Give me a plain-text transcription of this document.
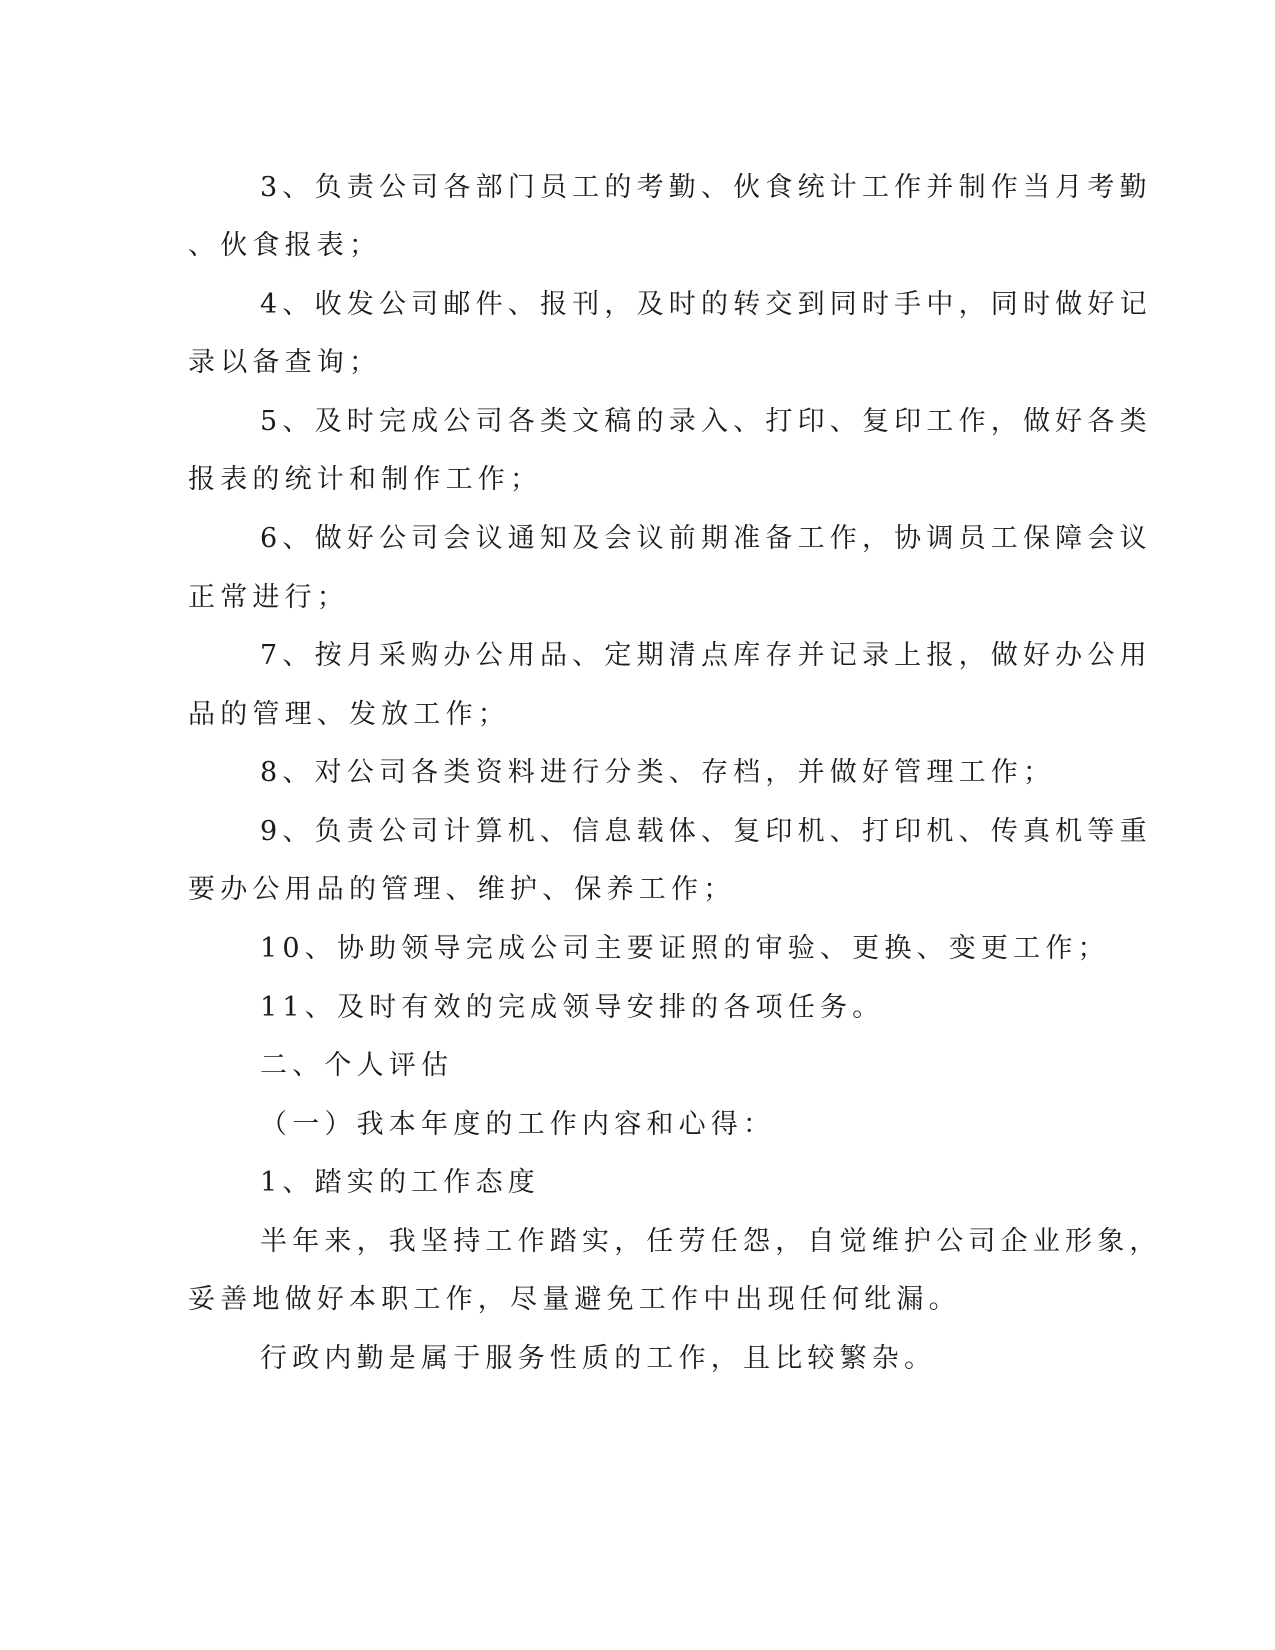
3、负责公司各部门员工的考勤、伙食统计工作并制作当月考勤
、伙食报表；
4、收发公司邮件、报刊，及时的转交到同时手中，同时做好记
录以备查询；
5、及时完成公司各类文稿的录入、打印、复印工作，做好各类
报表的统计和制作工作；
6、做好公司会议通知及会议前期准备工作，协调员工保障会议
正常进行；
7、按月采购办公用品、定期清点库存并记录上报，做好办公用
品的管理、发放工作；
8、对公司各类资料进行分类、存档，并做好管理工作；
9、负责公司计算机、信息载体、复印机、打印机、传真机等重
要办公用品的管理、维护、保养工作；
10、协助领导完成公司主要证照的审验、更换、变更工作；
11、及时有效的完成领导安排的各项任务。
二、个人评估
（一）我本年度的工作内容和心得：
1、踏实的工作态度
半年来，我坚持工作踏实，任劳任怨，自觉维护公司企业形象，
妥善地做好本职工作，尽量避免工作中出现任何纰漏。
行政内勤是属于服务性质的工作，且比较繁杂。
